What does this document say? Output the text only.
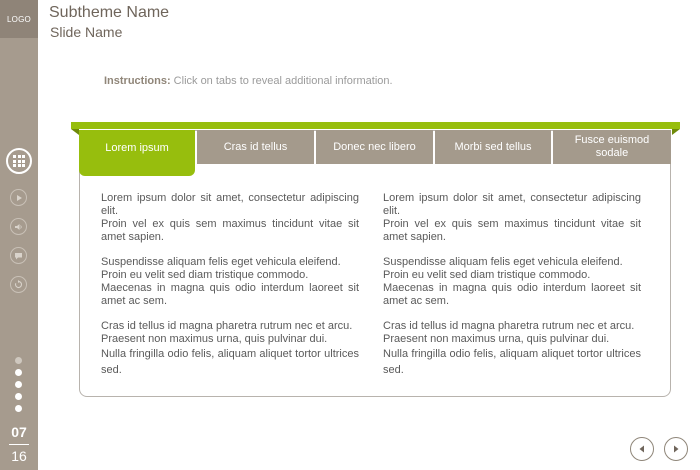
LOGO
07
16
Subtheme Name
Slide Name
Instructions: Click on tabs to reveal additional information.
Lorem ipsum	Cras id tellus	Donec nec libero	Morbi sed tellus
Fusce euismod sodale

Lorem ipsum dolor sit amet, consectetur adipiscing elit.

Proin vel ex quis sem maximus tincidunt vitae sit amet sapien.

Suspendisse aliquam felis eget vehicula eleifend.

Proin eu velit sed diam tristique commodo.

Maecenas in magna quis odio interdum laoreet sit amet ac sem.

Cras id tellus id magna pharetra rutrum nec et arcu.

Praesent non maximus urna, quis pulvinar dui.

Nulla fringilla odio felis, aliquam aliquet tortor ultrices sed.

Lorem ipsum dolor sit amet, consectetur adipiscing elit.

Proin vel ex quis sem maximus tincidunt vitae sit amet sapien.

Suspendisse aliquam felis eget vehicula eleifend.

Proin eu velit sed diam tristique commodo.

Maecenas in magna quis odio interdum laoreet sit amet ac sem.

Cras id tellus id magna pharetra rutrum nec et arcu.

Praesent non maximus urna, quis pulvinar dui.

Nulla fringilla odio felis, aliquam aliquet tortor ultrices sed.
